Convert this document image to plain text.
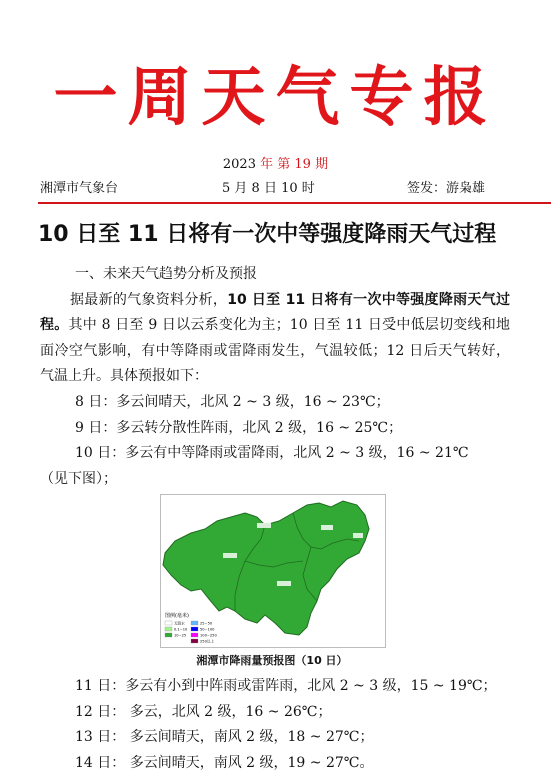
一周天气专报
2023 年 第 19 期
湘潭市气象台	5 月 8 日 10 时	签发：游枭雄
10 日至 11 日将有一次中等强度降雨天气过程

一、未来天气趋势分析及预报

据最新的气象资料分析，10 日至 11 日将有一次中等强度降雨天气过程。其中 8 日至 9 日以云系变化为主；10 日至 11 日受中低层切变线和地面冷空气影响，有中等降雨或雷降雨发生，气温较低；12 日后天气转好，气温上升。具体预报如下：

8 日：多云间晴天，北风 2 ~ 3 级，16 ~ 23℃；

9 日：多云转分散性阵雨，北风 2 级，16 ~ 25℃；

10 日：多云有中等降雨或雷降雨，北风 2 ~ 3 级，16 ~ 21℃

（见下图）；

图例(毫米)
无降水
0.1~10
10~25
25~50
50~100
100~250
250以上
湘潭市降雨量预报图（10 日）

11 日：多云有小到中阵雨或雷阵雨，北风 2 ~ 3 级，15 ~ 19℃；

12 日： 多云，北风 2 级，16 ~ 26℃；

13 日： 多云间晴天，南风 2 级，18 ~ 27℃；

14 日： 多云间晴天，南风 2 级，19 ~ 27℃。
